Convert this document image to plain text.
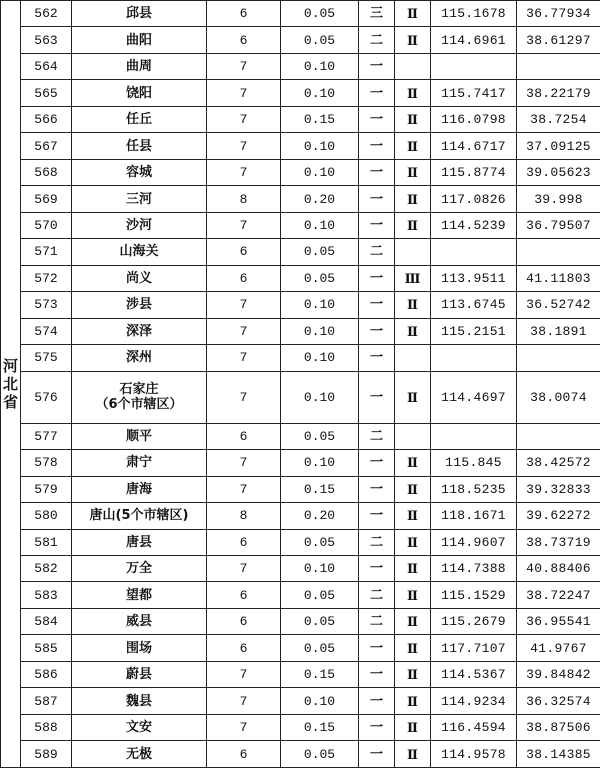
河北省	562	邱县	6	0.05	三	Ⅱ	115.1678	36.77934
	563	曲阳	6	0.05	二	Ⅱ	114.6961	38.61297
	564	曲周	7	0.10	一			
	565	饶阳	7	0.10	一	Ⅱ	115.7417	38.22179
	566	任丘	7	0.15	一	Ⅱ	116.0798	38.7254
	567	任县	7	0.10	一	Ⅱ	114.6717	37.09125
	568	容城	7	0.10	一	Ⅱ	115.8774	39.05623
	569	三河	8	0.20	一	Ⅱ	117.0826	39.998
	570	沙河	7	0.10	一	Ⅱ	114.5239	36.79507
	571	山海关	6	0.05	二			
	572	尚义	6	0.05	一	Ⅲ	113.9511	41.11803
	573	涉县	7	0.10	一	Ⅱ	113.6745	36.52742
	574	深泽	7	0.10	一	Ⅱ	115.2151	38.1891
	575	深州	7	0.10	一			
	576	石家庄
（6个市辖区）	7	0.10	一	Ⅱ	114.4697	38.0074
	577	顺平	6	0.05	二			
	578	肃宁	7	0.10	一	Ⅱ	115.845	38.42572
	579	唐海	7	0.15	一	Ⅱ	118.5235	39.32833
	580	唐山(5个市辖区)	8	0.20	一	Ⅱ	118.1671	39.62272
	581	唐县	6	0.05	二	Ⅱ	114.9607	38.73719
	582	万全	7	0.10	一	Ⅱ	114.7388	40.88406
	583	望都	6	0.05	二	Ⅱ	115.1529	38.72247
	584	威县	6	0.05	二	Ⅱ	115.2679	36.95541
	585	围场	6	0.05	一	Ⅱ	117.7107	41.9767
	586	蔚县	7	0.15	一	Ⅱ	114.5367	39.84842
	587	魏县	7	0.10	一	Ⅱ	114.9234	36.32574
	588	文安	7	0.15	一	Ⅱ	116.4594	38.87506
	589	无极	6	0.05	一	Ⅱ	114.9578	38.14385
